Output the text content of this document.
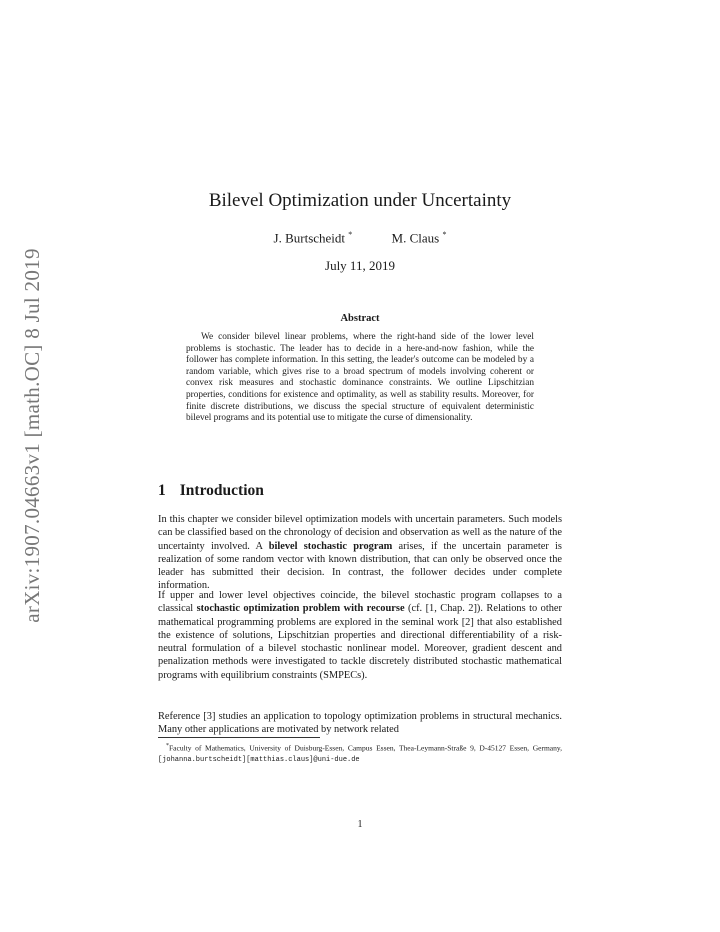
arXiv:1907.04663v1 [math.OC] 8 Jul 2019
Bilevel Optimization under Uncertainty
J. Burtscheidt *	M. Claus *
July 11, 2019
Abstract

We consider bilevel linear problems, where the right-hand side of the lower level problems is stochastic. The leader has to decide in a here-and-now fashion, while the follower has complete information. In this setting, the leader's outcome can be modeled by a random variable, which gives rise to a broad spectrum of models involving coherent or convex risk measures and stochastic dominance constraints. We outline Lipschitzian properties, conditions for existence and optimality, as well as stability results. Moreover, for finite discrete distributions, we discuss the special structure of equivalent deterministic bilevel programs and its potential use to mitigate the curse of dimensionality.

1 Introduction

In this chapter we consider bilevel optimization models with uncertain parameters. Such models can be classified based on the chronology of decision and observation as well as the nature of the uncertainty involved. A bilevel stochastic program arises, if the uncertain parameter is realization of some random vector with known distribution, that can only be observed once the leader has submitted their decision. In contrast, the follower decides under complete information.

If upper and lower level objectives coincide, the bilevel stochastic program collapses to a classical stochastic optimization problem with recourse (cf. [1, Chap. 2]). Relations to other mathematical programming problems are explored in the seminal work [2] that also established the existence of solutions, Lipschitzian properties and directional differentiability of a risk-neutral formulation of a bilevel stochastic nonlinear model. Moreover, gradient descent and penalization methods were investigated to tackle discretely distributed stochastic mathematical programs with equilibrium constraints (SMPECs).

Reference [3] studies an application to topology optimization problems in structural mechanics. Many other applications are motivated by network related

*Faculty of Mathematics, University of Duisburg-Essen, Campus Essen, Thea-Leymann-Straße 9, D-45127 Essen, Germany, [johanna.burtscheidt][matthias.claus]@uni-due.de

1
